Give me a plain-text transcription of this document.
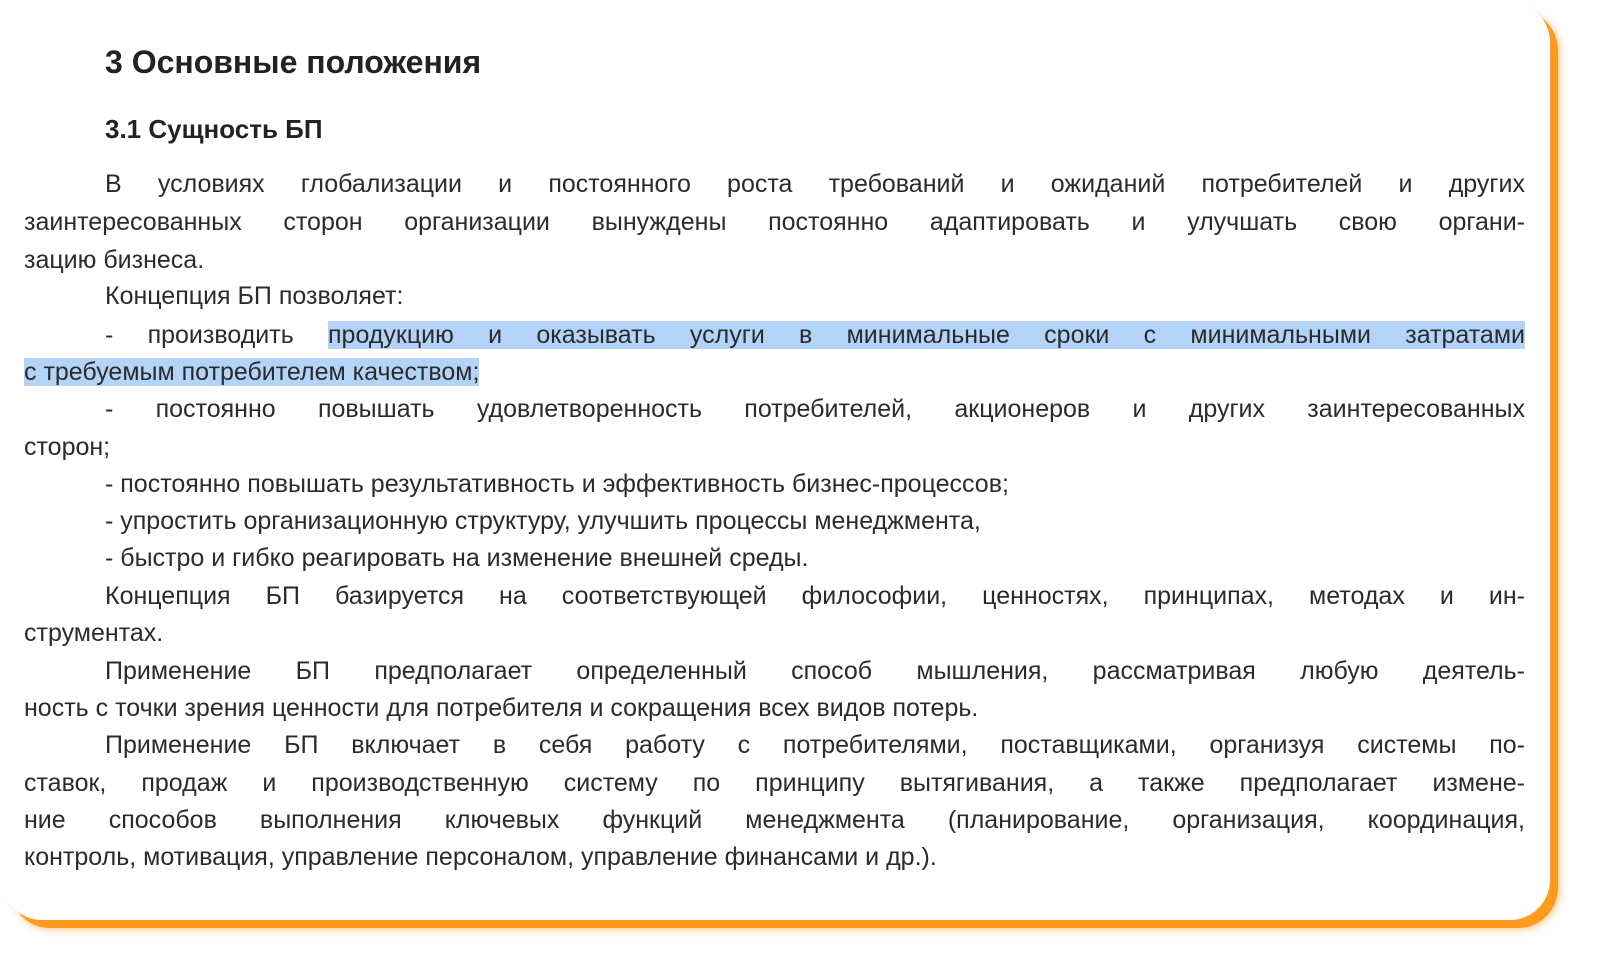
3 Основные положения
3.1 Сущность БП
В условиях глобализации и постоянного роста требований и ожиданий потребителей и других
заинтересованных сторон организации вынуждены постоянно адаптировать и улучшать свою органи-
зацию бизнеса.
Концепция БП позволяет:
- производить продукцию и оказывать услуги в минимальные сроки с минимальными затратами
с требуемым потребителем качеством;
- постоянно повышать удовлетворенность потребителей, акционеров и других заинтересованных
сторон;
- постоянно повышать результативность и эффективность бизнес-процессов;
- упростить организационную структуру, улучшить процессы менеджмента,
- быстро и гибко реагировать на изменение внешней среды.
Концепция БП базируется на соответствующей философии, ценностях, принципах, методах и ин-
струментах.
Применение БП предполагает определенный способ мышления, рассматривая любую деятель-
ность с точки зрения ценности для потребителя и сокращения всех видов потерь.
Применение БП включает в себя работу с потребителями, поставщиками, организуя системы по-
ставок, продаж и производственную систему по принципу вытягивания, а также предполагает измене-
ние способов выполнения ключевых функций менеджмента (планирование, организация, координация,
контроль, мотивация, управление персоналом, управление финансами и др.).
